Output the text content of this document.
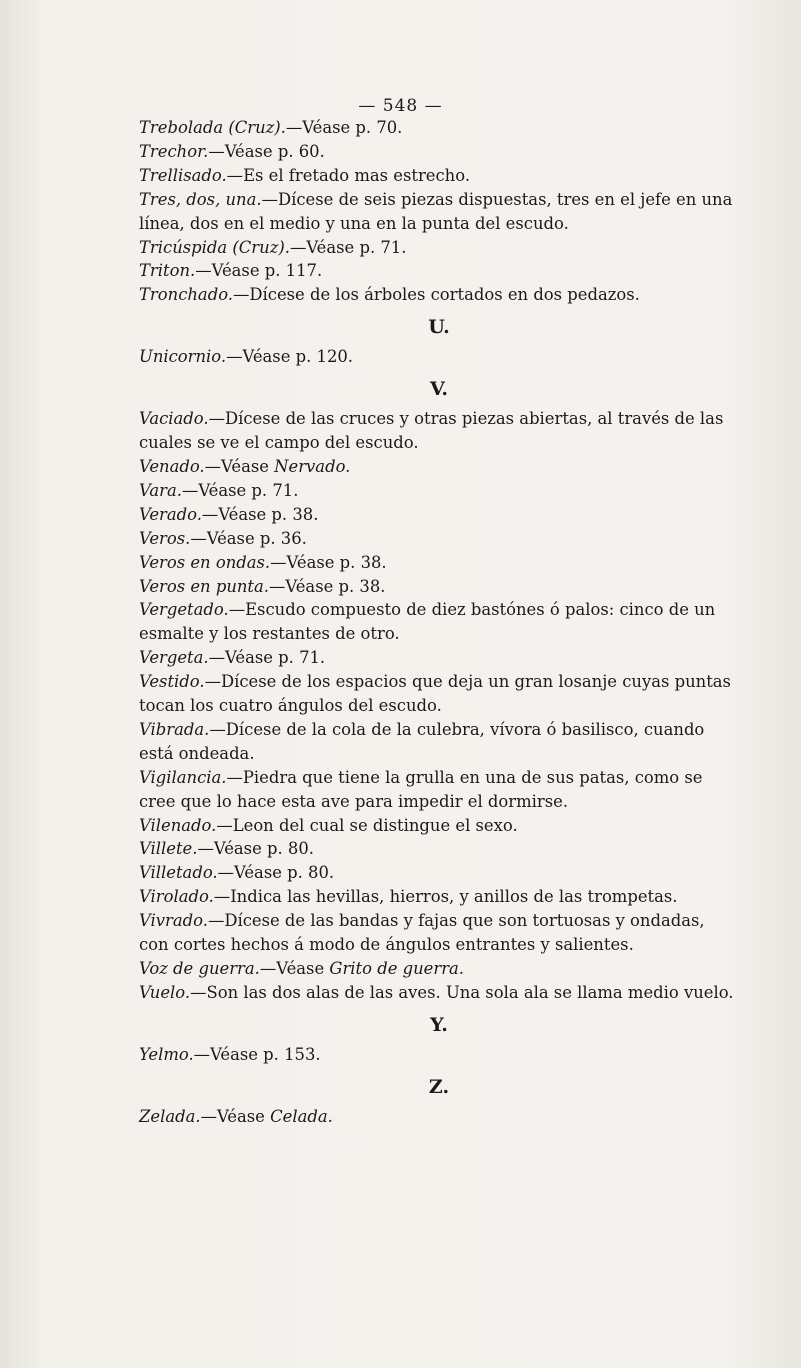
— 548 —

Trebolada (Cruz).—Véase p. 70.

Trechor.—Véase p. 60.

Trellisado.—Es el fretado mas estrecho.

Tres, dos, una.—Dícese de seis piezas dispuestas, tres en el jefe en una línea, dos en el medio y una en la punta del escudo.

Tricúspida (Cruz).—Véase p. 71.

Triton.—Véase p. 117.

Tronchado.—Dícese de los árboles cortados en dos pedazos.

U.

Unicornio.—Véase p. 120.

V.

Vaciado.—Dícese de las cruces y otras piezas abiertas, al través de las cuales se ve el campo del escudo.

Venado.—Véase Nervado.

Vara.—Véase p. 71.

Verado.—Véase p. 38.

Veros.—Véase p. 36.

Veros en ondas.—Véase p. 38.

Veros en punta.—Véase p. 38.

Vergetado.—Escudo compuesto de diez bastónes ó palos: cinco de un esmalte y los restantes de otro.

Vergeta.—Véase p. 71.

Vestido.—Dícese de los espacios que deja un gran losanje cuyas puntas tocan los cuatro ángulos del escudo.

Vibrada.—Dícese de la cola de la culebra, vívora ó basilisco, cuando está ondeada.

Vigilancia.—Piedra que tiene la grulla en una de sus patas, como se cree que lo hace esta ave para impedir el dormirse.

Vilenado.—Leon del cual se distingue el sexo.

Villete.—Véase p. 80.

Villetado.—Véase p. 80.

Virolado.—Indica las hevillas, hierros, y anillos de las trompetas.

Vivrado.—Dícese de las bandas y fajas que son tortuosas y ondadas, con cortes hechos á modo de ángulos entrantes y salientes.

Voz de guerra.—Véase Grito de guerra.

Vuelo.—Son las dos alas de las aves. Una sola ala se llama medio vuelo.

Y.

Yelmo.—Véase p. 153.

Z.

Zelada.—Véase Celada.
